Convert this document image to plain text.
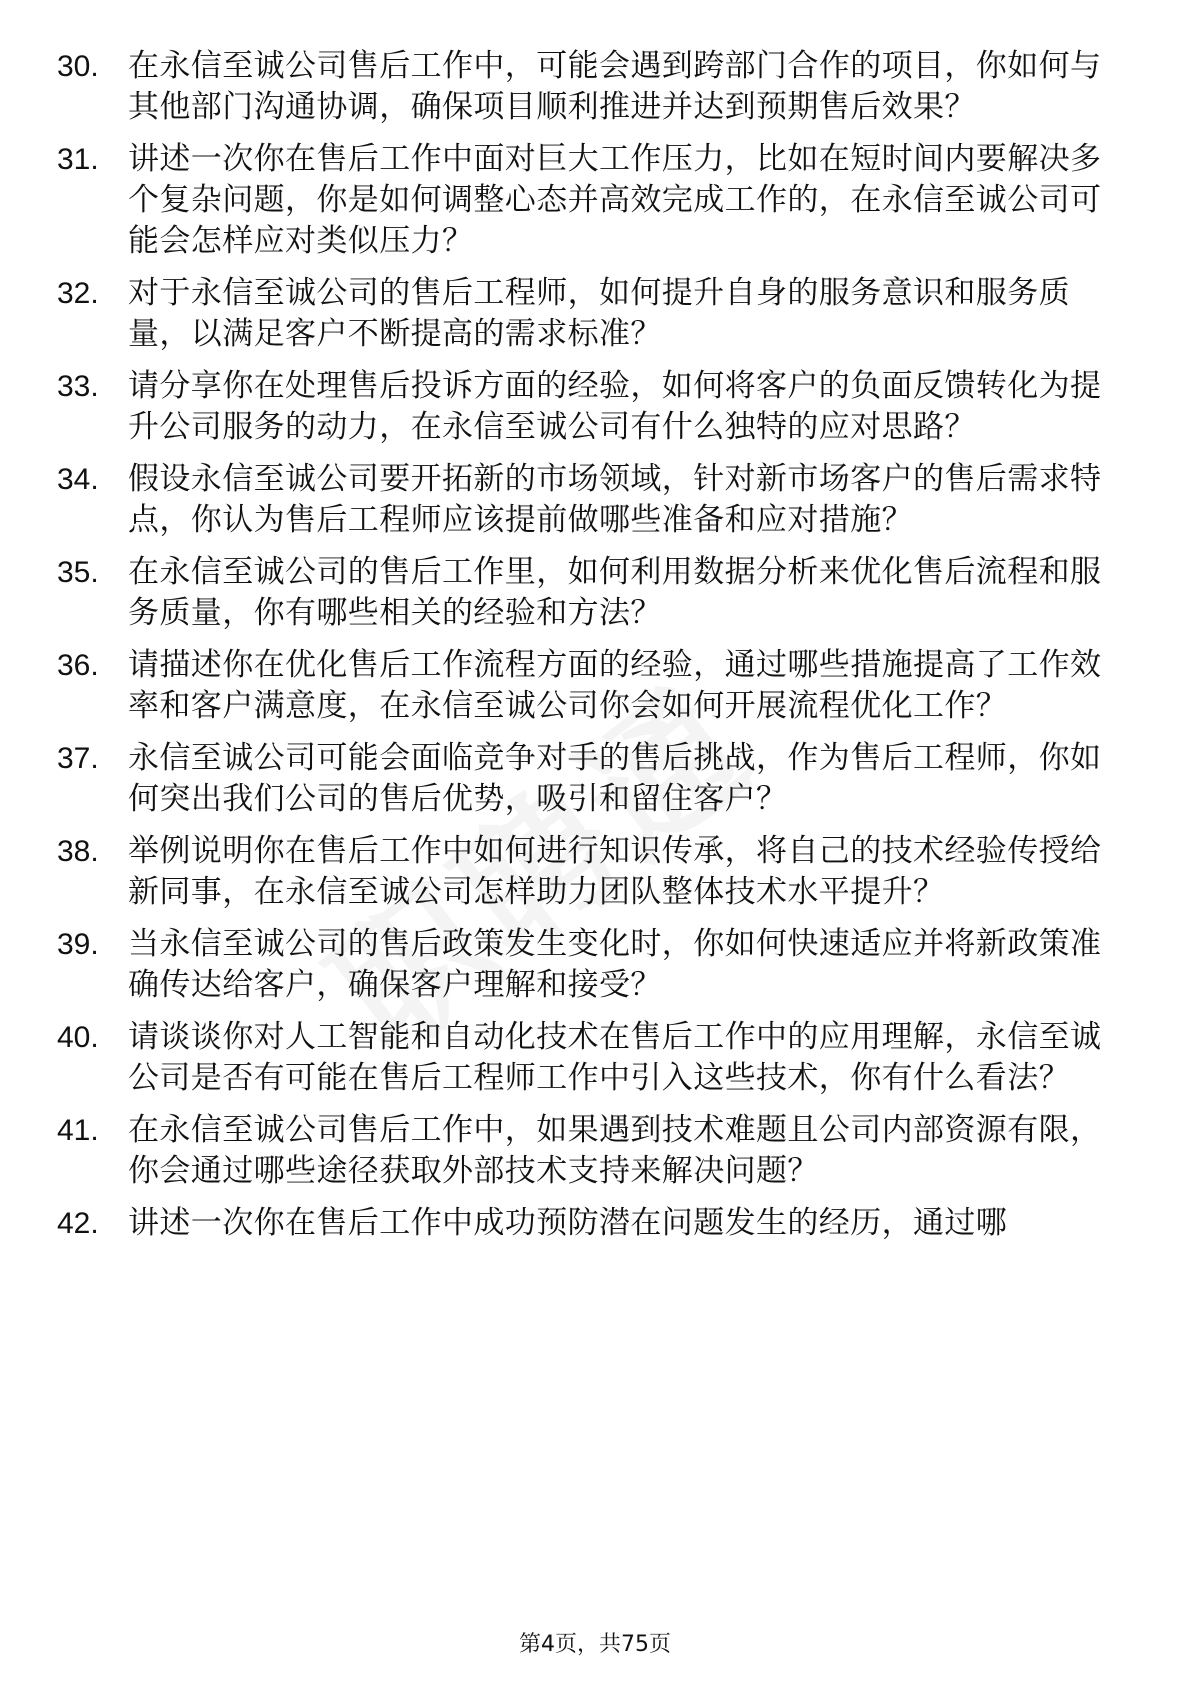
30. 在永信至诚公司售后工作中，可能会遇到跨部门合作的项目，你如何与其他部门沟通协调，确保项目顺利推进并达到预期售后效果？
31. 讲述一次你在售后工作中面对巨大工作压力，比如在短时间内要解决多个复杂问题，你是如何调整心态并高效完成工作的，在永信至诚公司可能会怎样应对类似压力？
32. 对于永信至诚公司的售后工程师，如何提升自身的服务意识和服务质量，以满足客户不断提高的需求标准？
33. 请分享你在处理售后投诉方面的经验，如何将客户的负面反馈转化为提升公司服务的动力，在永信至诚公司有什么独特的应对思路？
34. 假设永信至诚公司要开拓新的市场领域，针对新市场客户的售后需求特点，你认为售后工程师应该提前做哪些准备和应对措施？
35. 在永信至诚公司的售后工作里，如何利用数据分析来优化售后流程和服务质量，你有哪些相关的经验和方法？
36. 请描述你在优化售后工作流程方面的经验，通过哪些措施提高了工作效率和客户满意度，在永信至诚公司你会如何开展流程优化工作？
37. 永信至诚公司可能会面临竞争对手的售后挑战，作为售后工程师，你如何突出我们公司的售后优势，吸引和留住客户？
38. 举例说明你在售后工作中如何进行知识传承，将自己的技术经验传授给新同事，在永信至诚公司怎样助力团队整体技术水平提升？
39. 当永信至诚公司的售后政策发生变化时，你如何快速适应并将新政策准确传达给客户，确保客户理解和接受？
40. 请谈谈你对人工智能和自动化技术在售后工作中的应用理解，永信至诚公司是否有可能在售后工程师工作中引入这些技术，你有什么看法？
41. 在永信至诚公司售后工作中，如果遇到技术难题且公司内部资源有限，你会通过哪些途径获取外部技术支持来解决问题？
42. 讲述一次你在售后工作中成功预防潜在问题发生的经历，通过哪
第4页，共75页
